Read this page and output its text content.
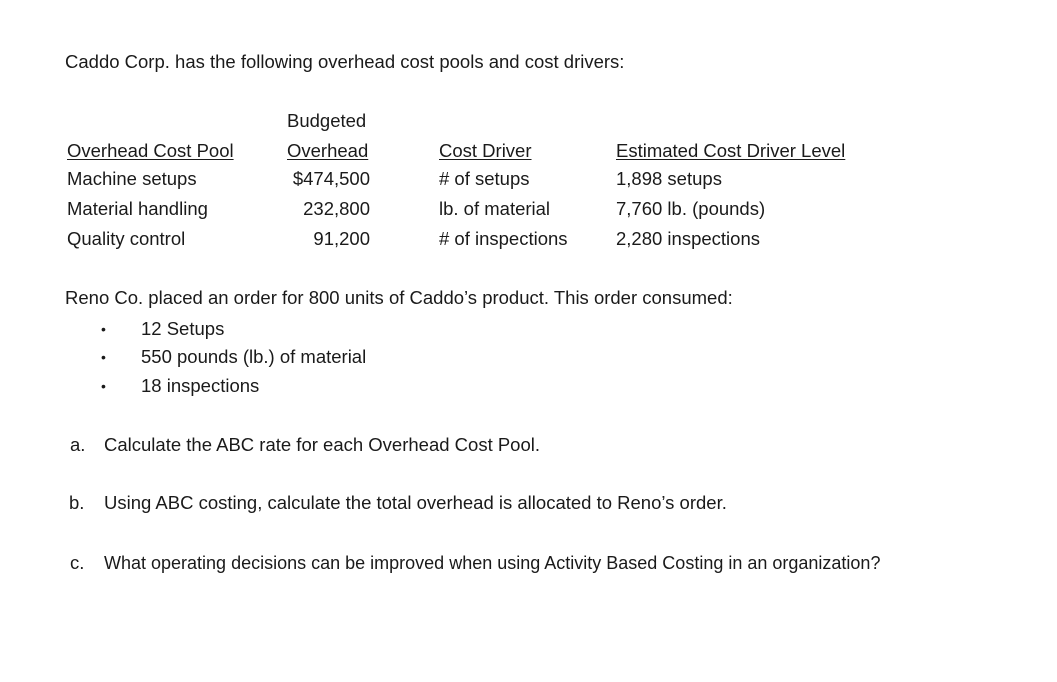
Caddo Corp. has the following overhead cost pools and cost drivers:
Budgeted
Overhead Cost Pool	Overhead	Cost Driver	Estimated Cost Driver Level
Machine setups	$474,500	# of setups	1,898 setups
Material handling	232,800	lb. of material	7,760 lb. (pounds)
Quality control	91,200	# of inspections	2,280 inspections
Reno Co. placed an order for 800 units of Caddo’s product. This order consumed:
• 12 Setups
• 550 pounds (lb.) of material
• 18 inspections
a. Calculate the ABC rate for each Overhead Cost Pool.
b. Using ABC costing, calculate the total overhead is allocated to Reno’s order.
c. What operating decisions can be improved when using Activity Based Costing in an organization?
